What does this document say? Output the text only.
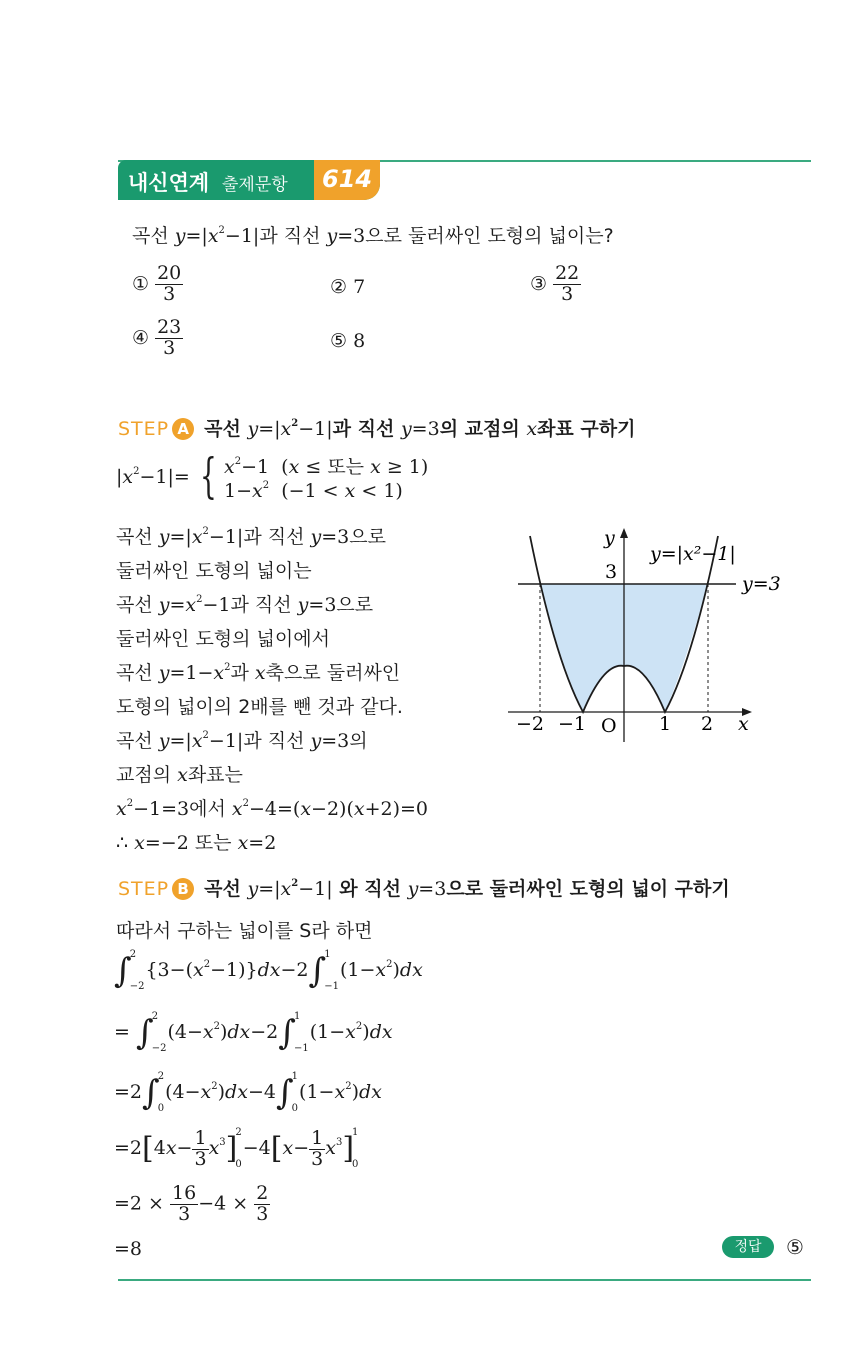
내신연계 출제문항 614
곡선 $y=|x^2-1|$과 직선 y=3으로 둘러싸인 도형의 넓이는?
① $\frac{20}{3}$	② 7	③ $\frac{22}{3}$
④ $\frac{23}{3}$	⑤ 8
STEP A 곡선 $y=|x^2-1|$과 직선 y=3의 교점의 x좌표 구하기
$|x^2-1|=$ { $x^2-1$  (x ≤ 또는 x ≥ 1)
$1-x^2$  (−1 < x < 1)
곡선 $y=|x^2-1|$과 직선 y=3으로
둘러싸인 도형의 넓이는
곡선 $y=x^2-1$과 직선 y=3으로
둘러싸인 도형의 넓이에서
곡선 $y=1-x^2$과 x축으로 둘러싸인
도형의 넓이의 2배를 뺀 것과 같다.
곡선 $y=|x^2-1|$과 직선 y=3의
교점의 x좌표는
$x^2-1=3$에서 $x^2-4=(x-2)(x+2)=0$
∴ x=−2 또는 x=2
y
y=|x²−1|
y=3
3
O
−2 −1	1 2 x
STEP B 곡선 $y=|x^2-1|$ 와 직선 y=3으로 둘러싸인 도형의 넓이 구하기
따라서 구하는 넓이를 S라 하면
∫
2
−2
$\{3-(x^2-1)\}dx-2\int$
1
−1
$(1-x^2)dx$
= ∫
2
−2
$(4-x^2)dx-2\int$
1
−1
$(1-x^2)dx$
=2∫
2
0
$(4-x^2)dx-4\int$
1
0
$(1-x^2)dx$
$=2[4x- \frac{1}{3} x^3]$
2
0
$-4[x- \frac{1}{3} x^3]$
1
0
$=2 \times \frac{16}{3} -4 \times \frac{2}{3}$
=8	정답	⑤
